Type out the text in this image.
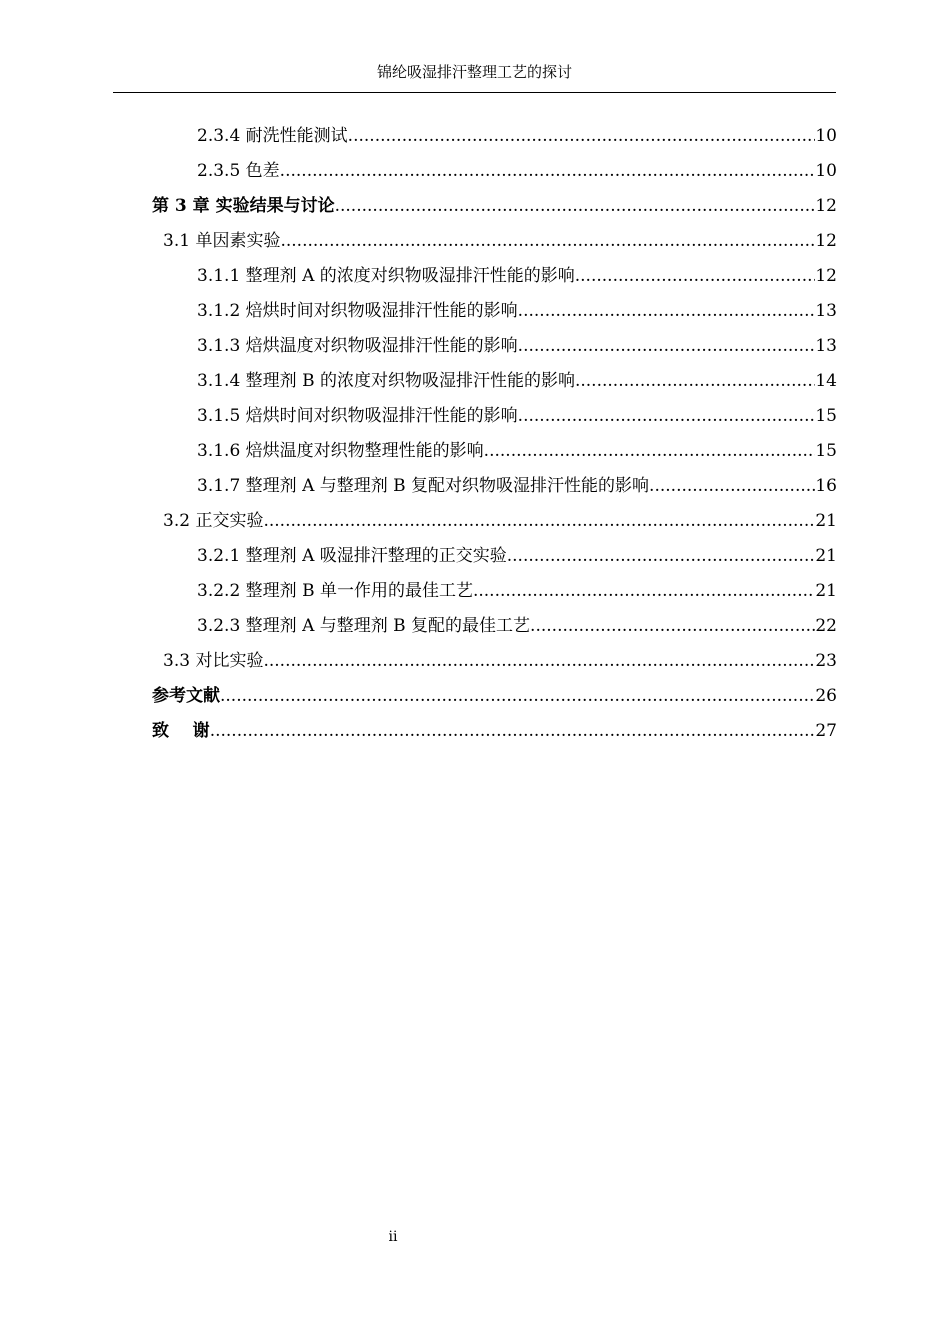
锦纶吸湿排汗整理工艺的探讨
2.3.4 耐洗性能测试 .....	10
2.3.5 色差 .....	10
第 3 章 实验结果与讨论 .....	12
3.1 单因素实验 .....	12
3.1.1 整理剂 A 的浓度对织物吸湿排汗性能的影响 .....	12
3.1.2 焙烘时间对织物吸湿排汗性能的影响 .....	13
3.1.3 焙烘温度对织物吸湿排汗性能的影响 .....	13
3.1.4 整理剂 B 的浓度对织物吸湿排汗性能的影响 .....	14
3.1.5 焙烘时间对织物吸湿排汗性能的影响 .....	15
3.1.6 焙烘温度对织物整理性能的影响 .....	15
3.1.7 整理剂 A 与整理剂 B 复配对织物吸湿排汗性能的影响 .....	16
3.2 正交实验 .....	21
3.2.1 整理剂 A 吸湿排汗整理的正交实验 .....	21
3.2.2 整理剂 B 单一作用的最佳工艺 .....	21
3.2.3 整理剂 A 与整理剂 B 复配的最佳工艺 .....	22
3.3 对比实验 .....	23
参考文献 .....	26
致    谢 .....	27
ii
